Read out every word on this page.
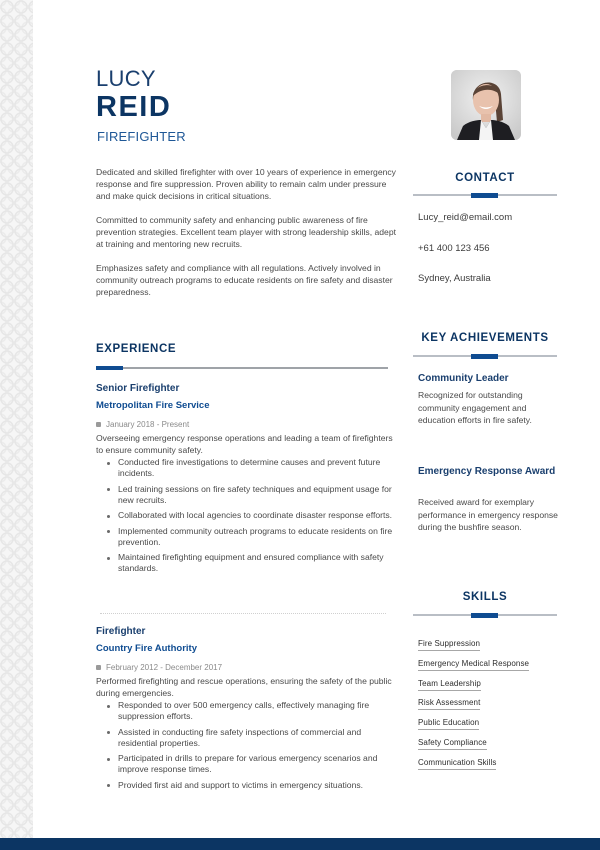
LUCY
REID
FIREFIGHTER

Dedicated and skilled firefighter with over 10 years of experience in emergency response and fire suppression. Proven ability to remain calm under pressure and make quick decisions in critical situations.

Committed to community safety and enhancing public awareness of fire prevention strategies. Excellent team player with strong leadership skills, adept at training and mentoring new recruits.

Emphasizes safety and compliance with all regulations. Actively involved in community outreach programs to educate residents on fire safety and disaster preparedness.

CONTACT
Lucy_reid@email.com
+61 400 123 456
Sydney, Australia
KEY ACHIEVEMENTS
Community Leader
Recognized for outstanding community engagement and education efforts in fire safety.
Emergency Response Award
Received award for exemplary performance in emergency response during the bushfire season.
SKILLS
Fire Suppression
Emergency Medical Response
Team Leadership
Risk Assessment
Public Education
Safety Compliance
Communication Skills
EXPERIENCE
Senior Firefighter
Metropolitan Fire Service
January 2018 - Present
Overseeing emergency response operations and leading a team of firefighters to ensure community safety.
Conducted fire investigations to determine causes and prevent future incidents.
Led training sessions on fire safety techniques and equipment usage for new recruits.
Collaborated with local agencies to coordinate disaster response efforts.
Implemented community outreach programs to educate residents on fire prevention.
Maintained firefighting equipment and ensured compliance with safety standards.
Firefighter
Country Fire Authority
February 2012 - December 2017
Performed firefighting and rescue operations, ensuring the safety of the public during emergencies.
Responded to over 500 emergency calls, effectively managing fire suppression efforts.
Assisted in conducting fire safety inspections of commercial and residential properties.
Participated in drills to prepare for various emergency scenarios and improve response times.
Provided first aid and support to victims in emergency situations.
